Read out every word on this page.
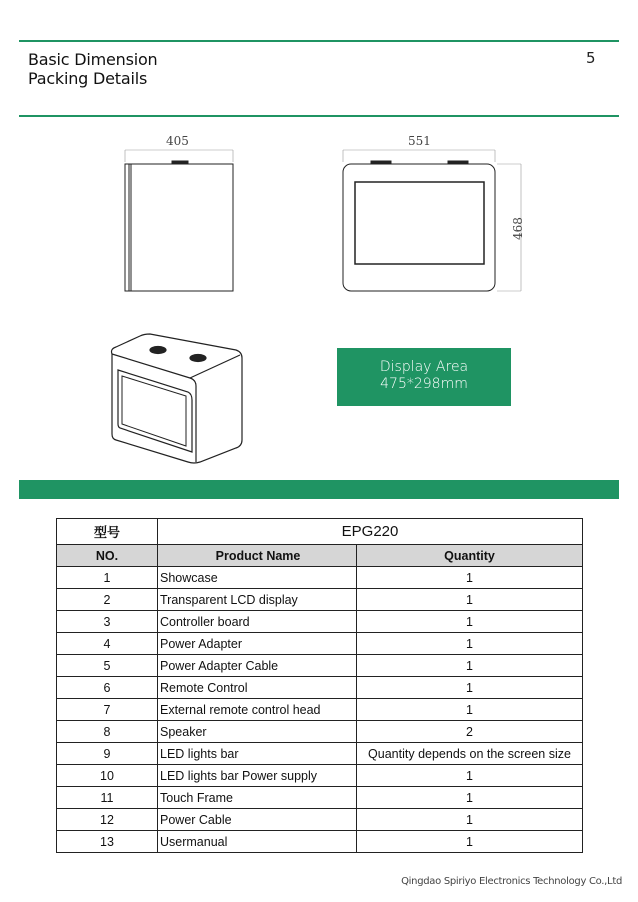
Basic Dimension
Packing Details
5
405	551
468
Display Area
475*298mm
型号	EPG220	
NO.	Product Name	Quantity
1	Showcase	1
2	Transparent LCD display	1
3	Controller board	1
4	Power Adapter	1
5	Power Adapter Cable	1
6	Remote Control	1
7	External remote control head	1
8	Speaker	2
9	LED lights bar	Quantity depends on the screen size
10	LED lights bar Power supply	1
11	Touch Frame	1
12	Power Cable	1
13	Usermanual	1
Qingdao Spiriyo Electronics Technology Co.,Ltd
